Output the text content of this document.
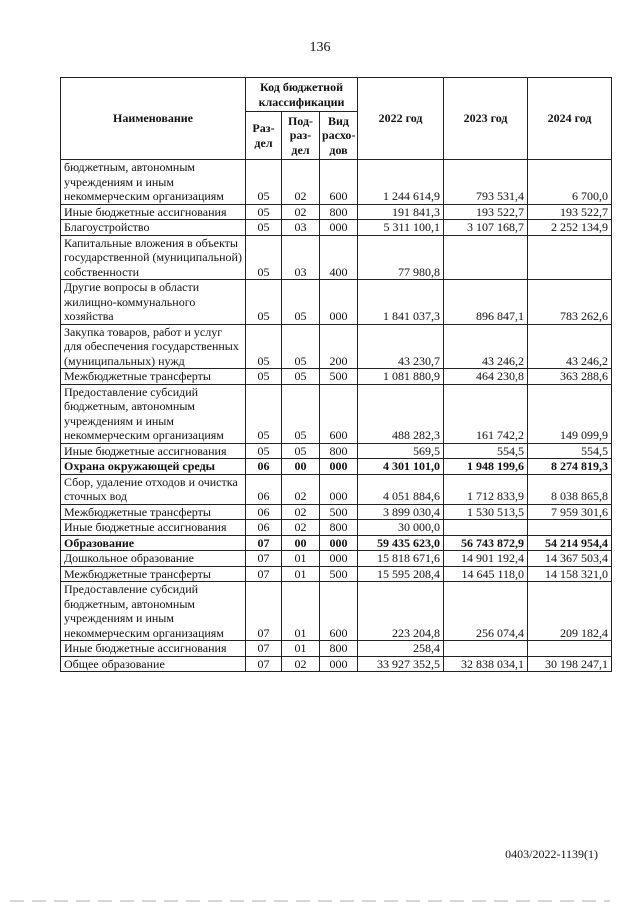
136
Наименование	Код бюджетной классификации			2022 год	2023 год	2024 год
	Раз-дел	Под-раз-дел	Вид расхо-дов			
бюджетным, автономным учреждениям и иным некоммерческим организациям	05	02	600	1 244 614,9	793 531,4	6 700,0
Иные бюджетные ассигнования	05	02	800	191 841,3	193 522,7	193 522,7
Благоустройство	05	03	000	5 311 100,1	3 107 168,7	2 252 134,9
Капитальные вложения в объекты государственной (муниципальной) собственности	05	03	400	77 980,8		
Другие вопросы в области жилищно-коммунального хозяйства	05	05	000	1 841 037,3	896 847,1	783 262,6
Закупка товаров, работ и услуг для обеспечения государственных (муниципальных) нужд	05	05	200	43 230,7	43 246,2	43 246,2
Межбюджетные трансферты	05	05	500	1 081 880,9	464 230,8	363 288,6
Предоставление субсидий бюджетным, автономным учреждениям и иным некоммерческим организациям	05	05	600	488 282,3	161 742,2	149 099,9
Иные бюджетные ассигнования	05	05	800	569,5	554,5	554,5
Охрана окружающей среды	06	00	000	4 301 101,0	1 948 199,6	8 274 819,3
Сбор, удаление отходов и очистка сточных вод	06	02	000	4 051 884,6	1 712 833,9	8 038 865,8
Межбюджетные трансферты	06	02	500	3 899 030,4	1 530 513,5	7 959 301,6
Иные бюджетные ассигнования	06	02	800	30 000,0		
Образование	07	00	000	59 435 623,0	56 743 872,9	54 214 954,4
Дошкольное образование	07	01	000	15 818 671,6	14 901 192,4	14 367 503,4
Межбюджетные трансферты	07	01	500	15 595 208,4	14 645 118,0	14 158 321,0
Предоставление субсидий бюджетным, автономным учреждениям и иным некоммерческим организациям	07	01	600	223 204,8	256 074,4	209 182,4
Иные бюджетные ассигнования	07	01	800	258,4		
Общее образование	07	02	000	33 927 352,5	32 838 034,1	30 198 247,1
0403/2022-1139(1)
